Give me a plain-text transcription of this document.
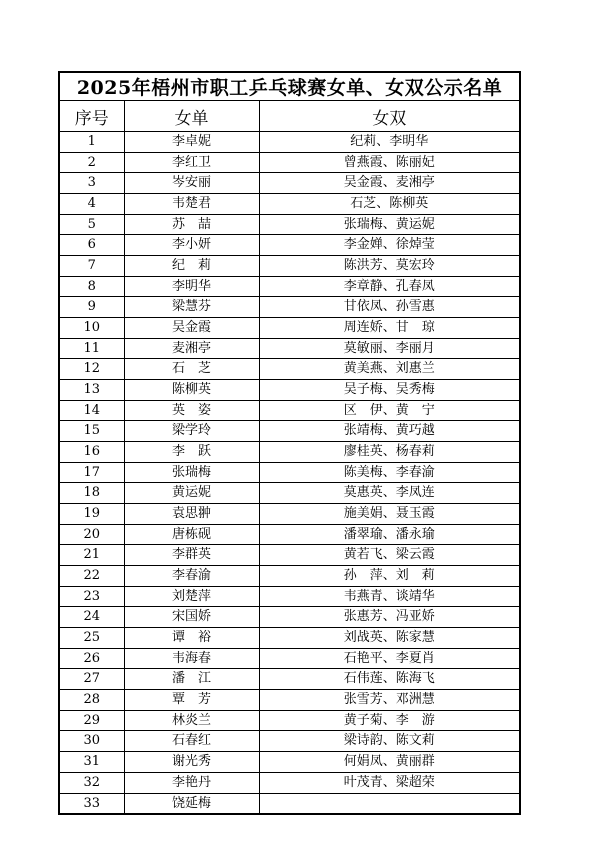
2025年梧州市职工乒乓球赛女单、女双公示名单		
序号	女单	女双
1	李卓妮	纪莉、李明华
2	李红卫	曾燕霞、陈丽妃
3	岑安丽	吴金霞、麦湘亭
4	韦楚君	石芝、陈柳英
5	苏　喆	张瑞梅、黄运妮
6	李小妍	李金婵、徐焯莹
7	纪　莉	陈洪芳、莫宏玲
8	李明华	李章静、孔春凤
9	梁慧芬	甘依凤、孙雪惠
10	吴金霞	周连娇、甘　琼
11	麦湘亭	莫敏丽、李丽月
12	石　芝	黄美燕、刘惠兰
13	陈柳英	吴子梅、吴秀梅
14	英　姿	区　伊、黄　宁
15	梁学玲	张靖梅、黄巧越
16	李　跃	廖桂英、杨春莉
17	张瑞梅	陈美梅、李春渝
18	黄运妮	莫惠英、李凤连
19	袁思翀	施美娟、聂玉霞
20	唐栋砚	潘翠瑜、潘永瑜
21	李群英	黄若飞、梁云霞
22	李春渝	孙　萍、刘　莉
23	刘楚萍	韦燕青、谈靖华
24	宋国娇	张惠芳、冯亚娇
25	谭　裕	刘战英、陈家慧
26	韦海春	石艳平、李夏肖
27	潘　江	石伟莲、陈海飞
28	覃　芳	张雪芳、邓洲慧
29	林炎兰	黄子菊、李　游
30	石春红	梁诗韵、陈文莉
31	谢光秀	何娟凤、黄丽群
32	李艳丹	叶茂青、梁超荣
33	饶延梅	
